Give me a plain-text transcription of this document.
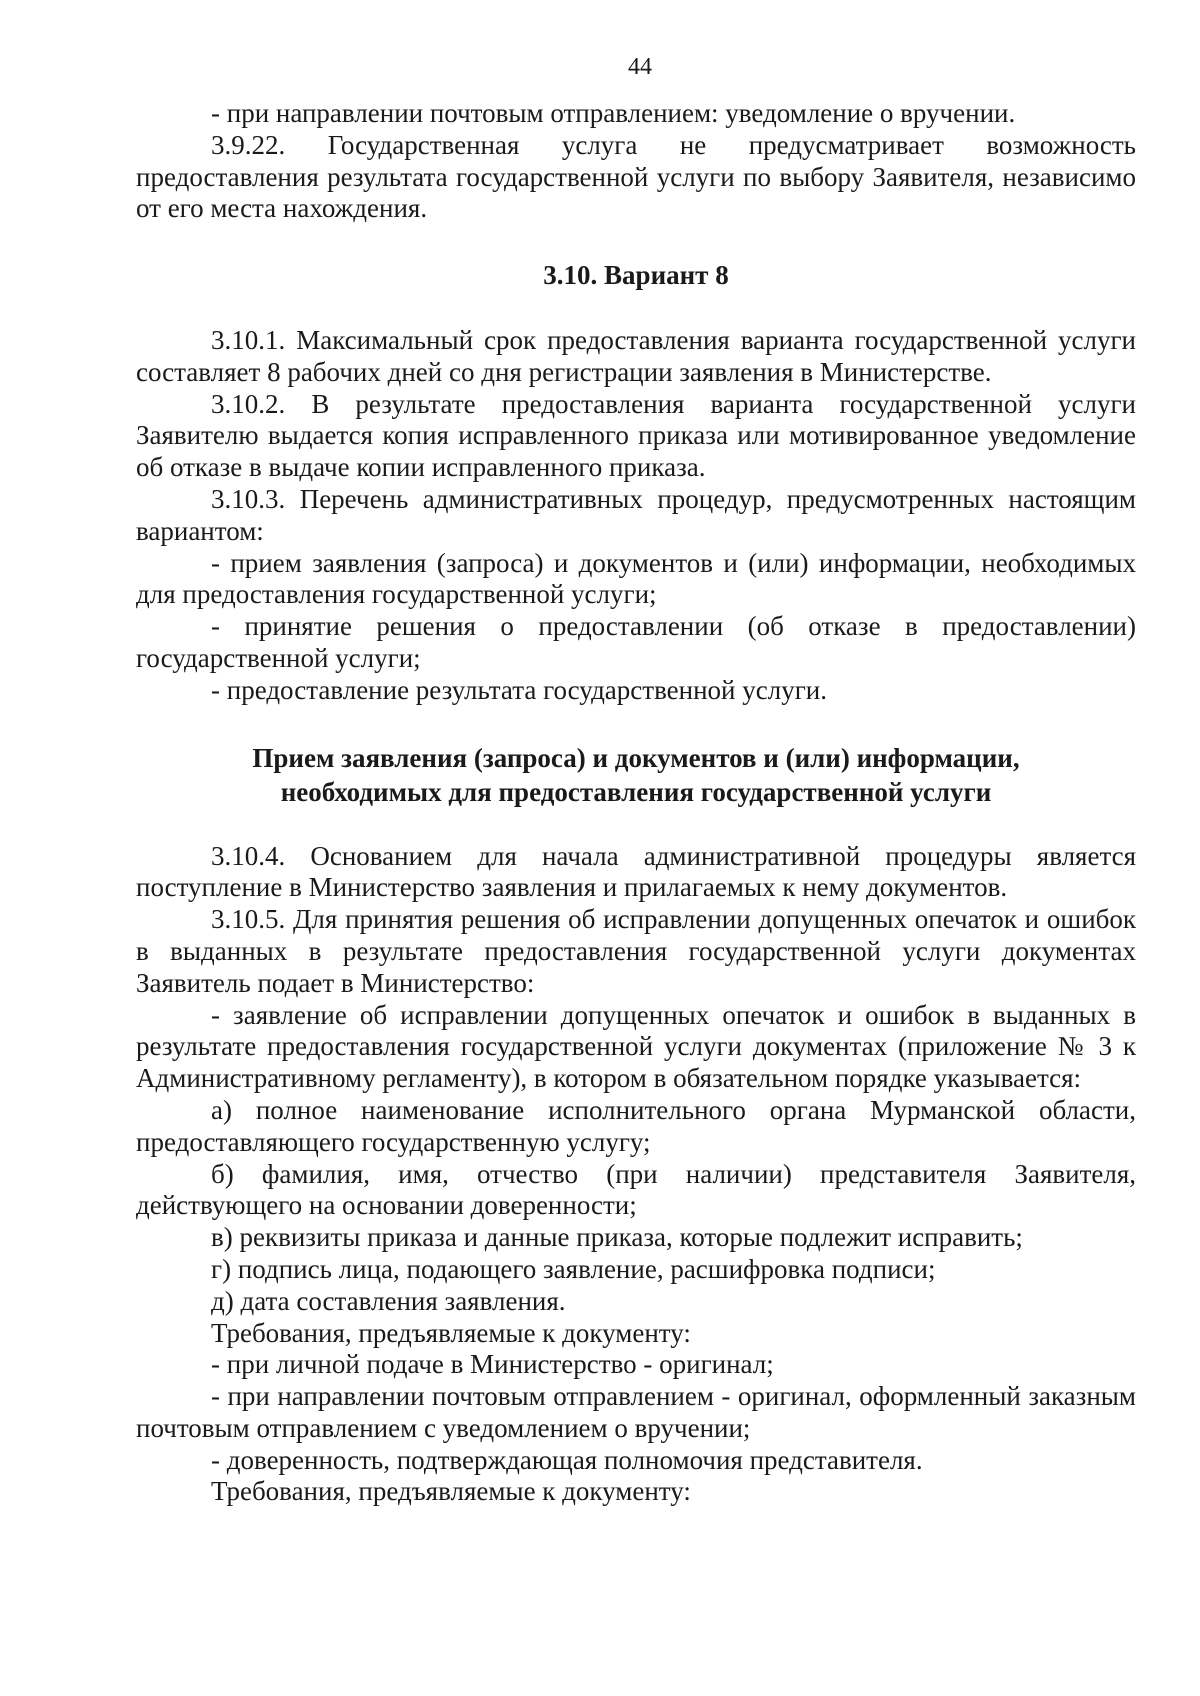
44

- при направлении почтовым отправлением: уведомление о вручении.

3.9.22. Государственная услуга не предусматривает возможность предоставления результата государственной услуги по выбору Заявителя, независимо от его места нахождения.

3.10. Вариант 8

3.10.1. Максимальный срок предоставления варианта государственной услуги составляет 8 рабочих дней со дня регистрации заявления в Министерстве.

3.10.2. В результате предоставления варианта государственной услуги Заявителю выдается копия исправленного приказа или мотивированное уведомление об отказе в выдаче копии исправленного приказа.

3.10.3. Перечень административных процедур, предусмотренных настоящим вариантом:

- прием заявления (запроса) и документов и (или) информации, необходимых для предоставления государственной услуги;

- принятие решения о предоставлении (об отказе в предоставлении) государственной услуги;

- предоставление результата государственной услуги.

Прием заявления (запроса) и документов и (или) информации,
необходимых для предоставления государственной услуги

3.10.4. Основанием для начала административной процедуры является поступление в Министерство заявления и прилагаемых к нему документов.

3.10.5. Для принятия решения об исправлении допущенных опечаток и ошибок в выданных в результате предоставления государственной услуги документах Заявитель подает в Министерство:

- заявление об исправлении допущенных опечаток и ошибок в выданных в результате предоставления государственной услуги документах (приложение № 3 к Административному регламенту), в котором в обязательном порядке указывается:

а) полное наименование исполнительного органа Мурманской области, предоставляющего государственную услугу;

б) фамилия, имя, отчество (при наличии) представителя Заявителя, действующего на основании доверенности;

в) реквизиты приказа и данные приказа, которые подлежит исправить;

г) подпись лица, подающего заявление, расшифровка подписи;

д) дата составления заявления.

Требования, предъявляемые к документу:

- при личной подаче в Министерство - оригинал;

- при направлении почтовым отправлением - оригинал, оформленный заказным почтовым отправлением с уведомлением о вручении;

- доверенность, подтверждающая полномочия представителя.

Требования, предъявляемые к документу:
